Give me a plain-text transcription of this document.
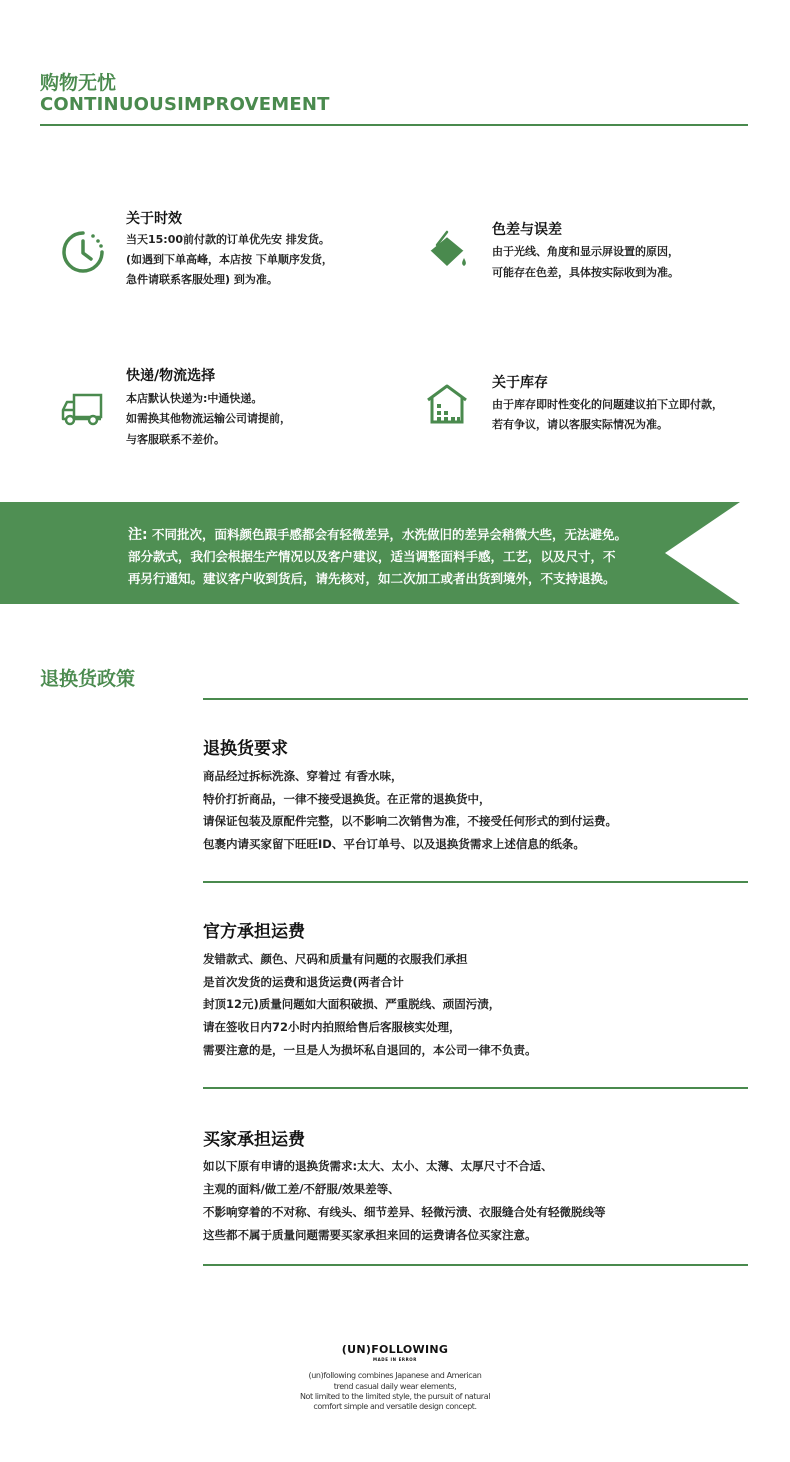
购物无忧
CONTINUOUSIMPROVEMENT
关于时效
当天15:00前付款的订单优先安 排发货。
(如遇到下单高峰，本店按 下单顺序发货，
急件请联系客服处理) 到为准。
色差与误差
由于光线、角度和显示屏设置的原因，
可能存在色差，具体按实际收到为准。
快递/物流选择
本店默认快递为:中通快递。
如需换其他物流运输公司请提前，
与客服联系不差价。
关于库存
由于库存即时性变化的问题建议拍下立即付款，
若有争议，请以客服实际情况为准。
注: 不同批次，面料颜色跟手感都会有轻微差异，水洗做旧的差异会稍微大些，无法避免。
部分款式，我们会根据生产情况以及客户建议，适当调整面料手感，工艺，以及尺寸，不
再另行通知。建议客户收到货后，请先核对，如二次加工或者出货到境外，不支持退换。
退换货政策
退换货要求
商品经过拆标洗涤、穿着过 有香水味，
特价打折商品，一律不接受退换货。在正常的退换货中，
请保证包装及原配件完整，以不影响二次销售为准，不接受任何形式的到付运费。
包裹内请买家留下旺旺ID、平台订单号、以及退换货需求上述信息的纸条。
官方承担运费
发错款式、颜色、尺码和质量有问题的衣服我们承担
是首次发货的运费和退货运费(两者合计
封顶12元)质量问题如大面积破损、严重脱线、顽固污渍，
请在签收日内72小时内拍照给售后客服核实处理，
需要注意的是，一旦是人为损坏私自退回的，本公司一律不负责。
买家承担运费
如以下原有申请的退换货需求:太大、太小、太薄、太厚尺寸不合适、
主观的面料/做工差/不舒服/效果差等、
不影响穿着的不对称、有线头、细节差异、轻微污渍、衣服缝合处有轻微脱线等
这些都不属于质量问题需要买家承担来回的运费请各位买家注意。
(UN)FOLLOWING
MADE IN ERROR
(un)following combines Japanese and American
trend casual daily wear elements,
Not limited to the limited style, the pursuit of natural
comfort simple and versatile design concept.
